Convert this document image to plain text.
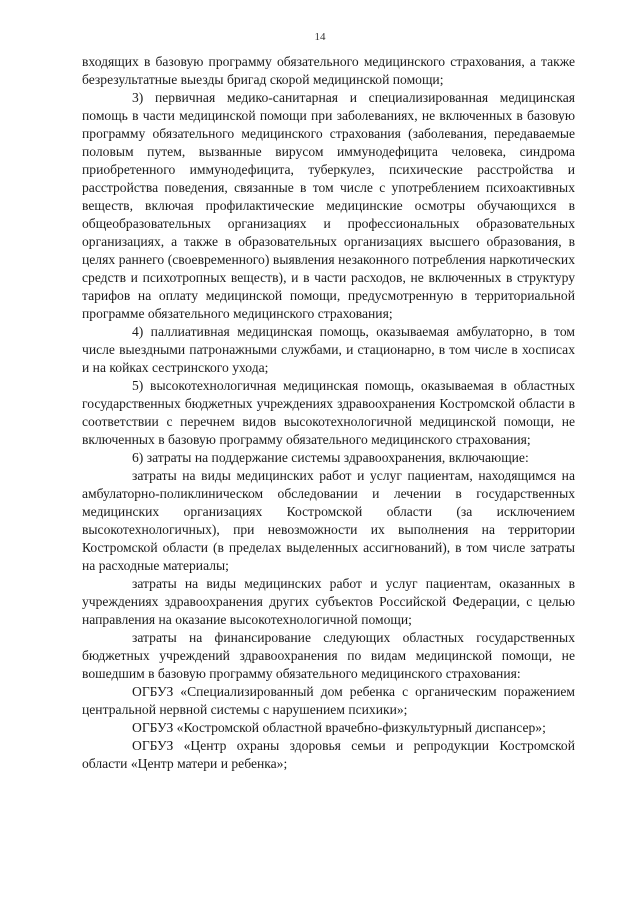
14

входящих в базовую программу обязательного медицинского страхования, а также безрезультатные выезды бригад скорой медицинской помощи;

3) первичная медико-санитарная и специализированная медицинская помощь в части медицинской помощи при заболеваниях, не включенных в базовую программу обязательного медицинского страхования (заболевания, передаваемые половым путем, вызванные вирусом иммунодефицита человека, синдрома приобретенного иммунодефицита, туберкулез, психические расстройства и расстройства поведения, связанные в том числе с употреблением психоактивных веществ, включая профилактические медицинские осмотры обучающихся в общеобразовательных организациях и профессиональных образовательных организациях, а также в образовательных организациях высшего образования, в целях раннего (своевременного) выявления незаконного потребления наркотических средств и психотропных веществ), и в части расходов, не включенных в структуру тарифов на оплату медицинской помощи, предусмотренную в территориальной программе обязательного медицинского страхования;

4) паллиативная медицинская помощь, оказываемая амбулаторно, в том числе выездными патронажными службами, и стационарно, в том числе в хосписах и на койках сестринского ухода;

5) высокотехнологичная медицинская помощь, оказываемая в областных государственных бюджетных учреждениях здравоохранения Костромской области в соответствии с перечнем видов высокотехнологичной медицинской помощи, не включенных в базовую программу обязательного медицинского страхования;

6) затраты на поддержание системы здравоохранения, включающие:

затраты на виды медицинских работ и услуг пациентам, находящимся на амбулаторно-поликлиническом обследовании и лечении в государственных медицинских организациях Костромской области (за исключением высокотехнологичных), при невозможности их выполнения на территории Костромской области (в пределах выделенных ассигнований), в том числе затраты на расходные материалы;

затраты на виды медицинских работ и услуг пациентам, оказанных в учреждениях здравоохранения других субъектов Российской Федерации, с целью направления на оказание высокотехнологичной помощи;

затраты на финансирование следующих областных государственных бюджетных учреждений здравоохранения по видам медицинской помощи, не вошедшим в базовую программу обязательного медицинского страхования:

ОГБУЗ «Специализированный дом ребенка с органическим поражением центральной нервной системы с нарушением психики»;

ОГБУЗ «Костромской областной врачебно-физкультурный диспансер»;

ОГБУЗ «Центр охраны здоровья семьи и репродукции Костромской области «Центр матери и ребенка»;
